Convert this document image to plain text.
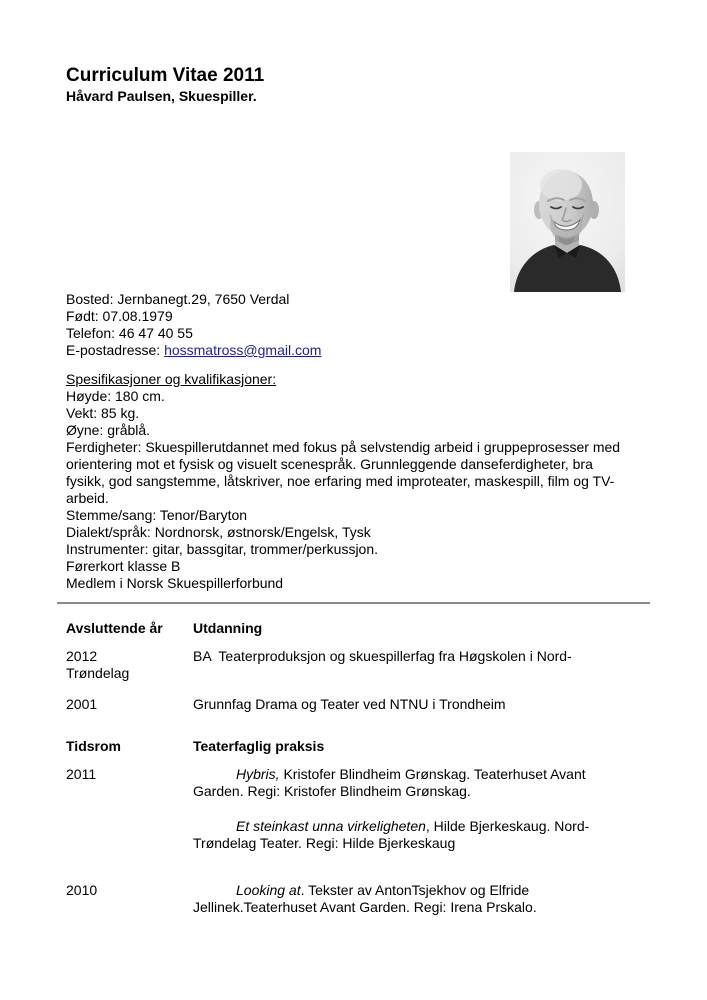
Curriculum Vitae 2011
Håvard Paulsen, Skuespiller.
Bosted: Jernbanegt.29, 7650 Verdal
Født: 07.08.1979
Telefon: 46 47 40 55
E-postadresse: hossmatross@gmail.com
Spesifikasjoner og kvalifikasjoner:
Høyde: 180 cm.
Vekt: 85 kg.
Øyne: gråblå.
Ferdigheter: Skuespillerutdannet med fokus på selvstendig arbeid i gruppeprosesser med
orientering mot et fysisk og visuelt scenespråk. Grunnleggende danseferdigheter, bra
fysikk, god sangstemme, låtskriver, noe erfaring med improteater, maskespill, film og TV-
arbeid.
Stemme/sang: Tenor/Baryton
Dialekt/språk: Nordnorsk, østnorsk/Engelsk, Tysk
Instrumenter: gitar, bassgitar, trommer/perkussjon.
Førerkort klasse B
Medlem i Norsk Skuespillerforbund
Avsluttende år Utdanning
2012	BA  Teaterproduksjon og skuespillerfag fra Høgskolen i Nord-
Trøndelag
2001	Grunnfag Drama og Teater ved NTNU i Trondheim
Tidsrom	Teaterfaglig praksis
2011	Hybris, Kristofer Blindheim Grønskag. Teaterhuset Avant
Garden. Regi: Kristofer Blindheim Grønskag.
Et steinkast unna virkeligheten, Hilde Bjerkeskaug. Nord-
Trøndelag Teater. Regi: Hilde Bjerkeskaug
2010	Looking at. Tekster av AntonTsjekhov og Elfride
Jellinek.Teaterhuset Avant Garden. Regi: Irena Prskalo.
